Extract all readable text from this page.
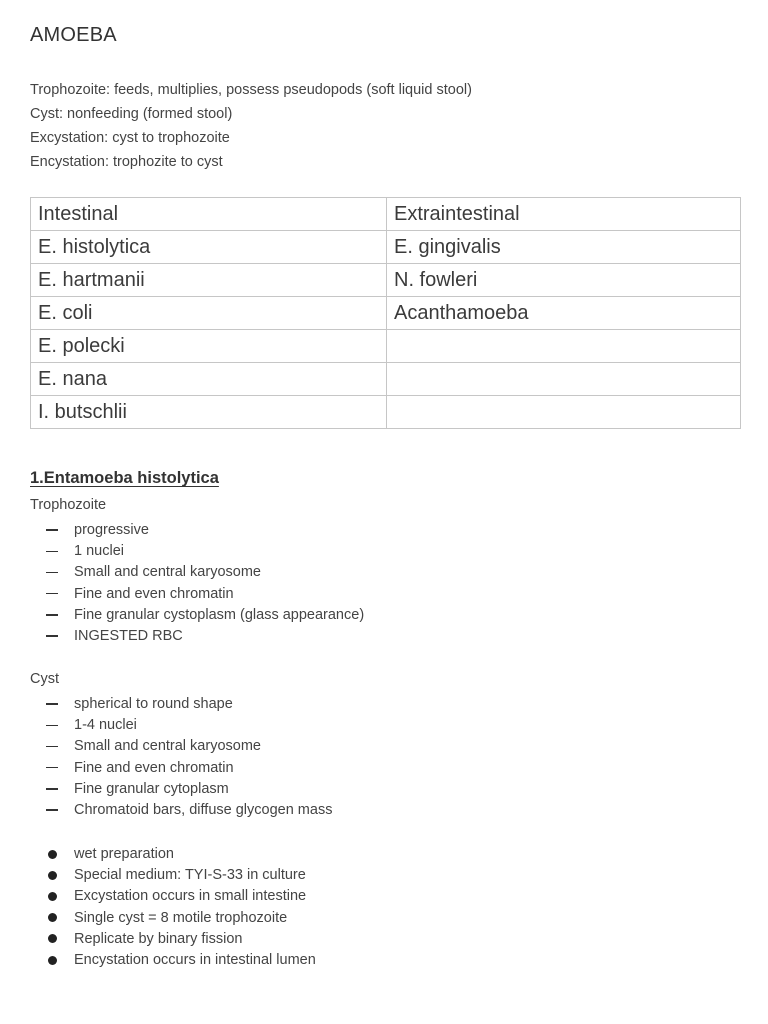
AMOEBA
Trophozoite: feeds, multiplies, possess pseudopods (soft liquid stool)
Cyst: nonfeeding (formed stool)
Excystation: cyst to trophozoite
Encystation: trophozite to cyst
Intestinal	Extraintestinal
E. histolytica	E. gingivalis
E. hartmanii	N. fowleri
E. coli	Acanthamoeba
E. polecki	
E. nana	
I. butschlii	
1.Entamoeba histolytica
Trophozoite
progressive
1 nuclei
Small and central karyosome
Fine and even chromatin
Fine granular cystoplasm (glass appearance)
INGESTED RBC
Cyst
spherical to round shape
1-4 nuclei
Small and central karyosome
Fine and even chromatin
Fine granular cytoplasm
Chromatoid bars, diffuse glycogen mass
wet preparation
Special medium: TYI-S-33 in culture
Excystation occurs in small intestine
Single cyst = 8 motile trophozoite
Replicate by binary fission
Encystation occurs in intestinal lumen
